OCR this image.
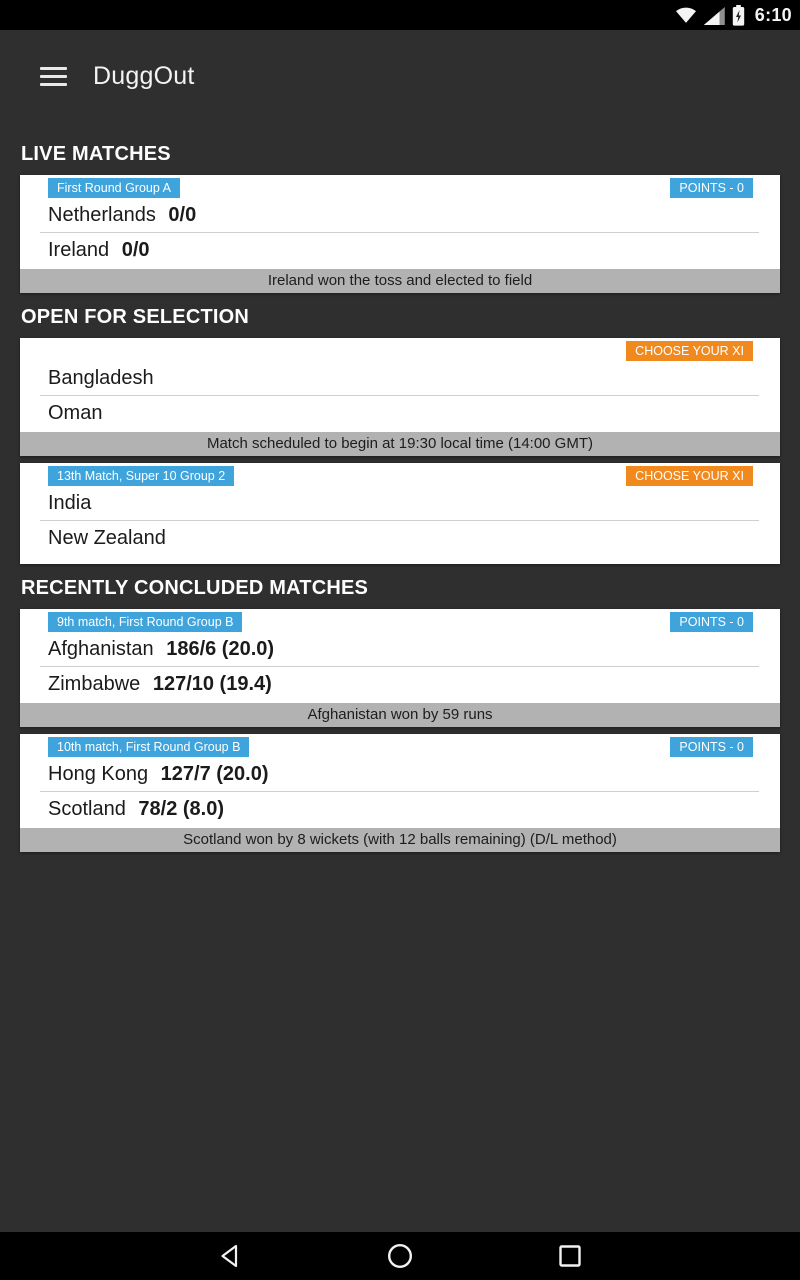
6:10
DuggOut
LIVE MATCHES
First Round Group A	POINTS - 0
Netherlands 0/0
Ireland 0/0
Ireland won the toss and elected to field
OPEN FOR SELECTION
CHOOSE YOUR XI
Bangladesh
Oman
Match scheduled to begin at 19:30 local time (14:00 GMT)
13th Match, Super 10 Group 2	CHOOSE YOUR XI
India
New Zealand
RECENTLY CONCLUDED MATCHES
9th match, First Round Group B	POINTS - 0
Afghanistan 186/6 (20.0)
Zimbabwe 127/10 (19.4)
Afghanistan won by 59 runs
10th match, First Round Group B	POINTS - 0
Hong Kong 127/7 (20.0)
Scotland 78/2 (8.0)
Scotland won by 8 wickets (with 12 balls remaining) (D/L method)
